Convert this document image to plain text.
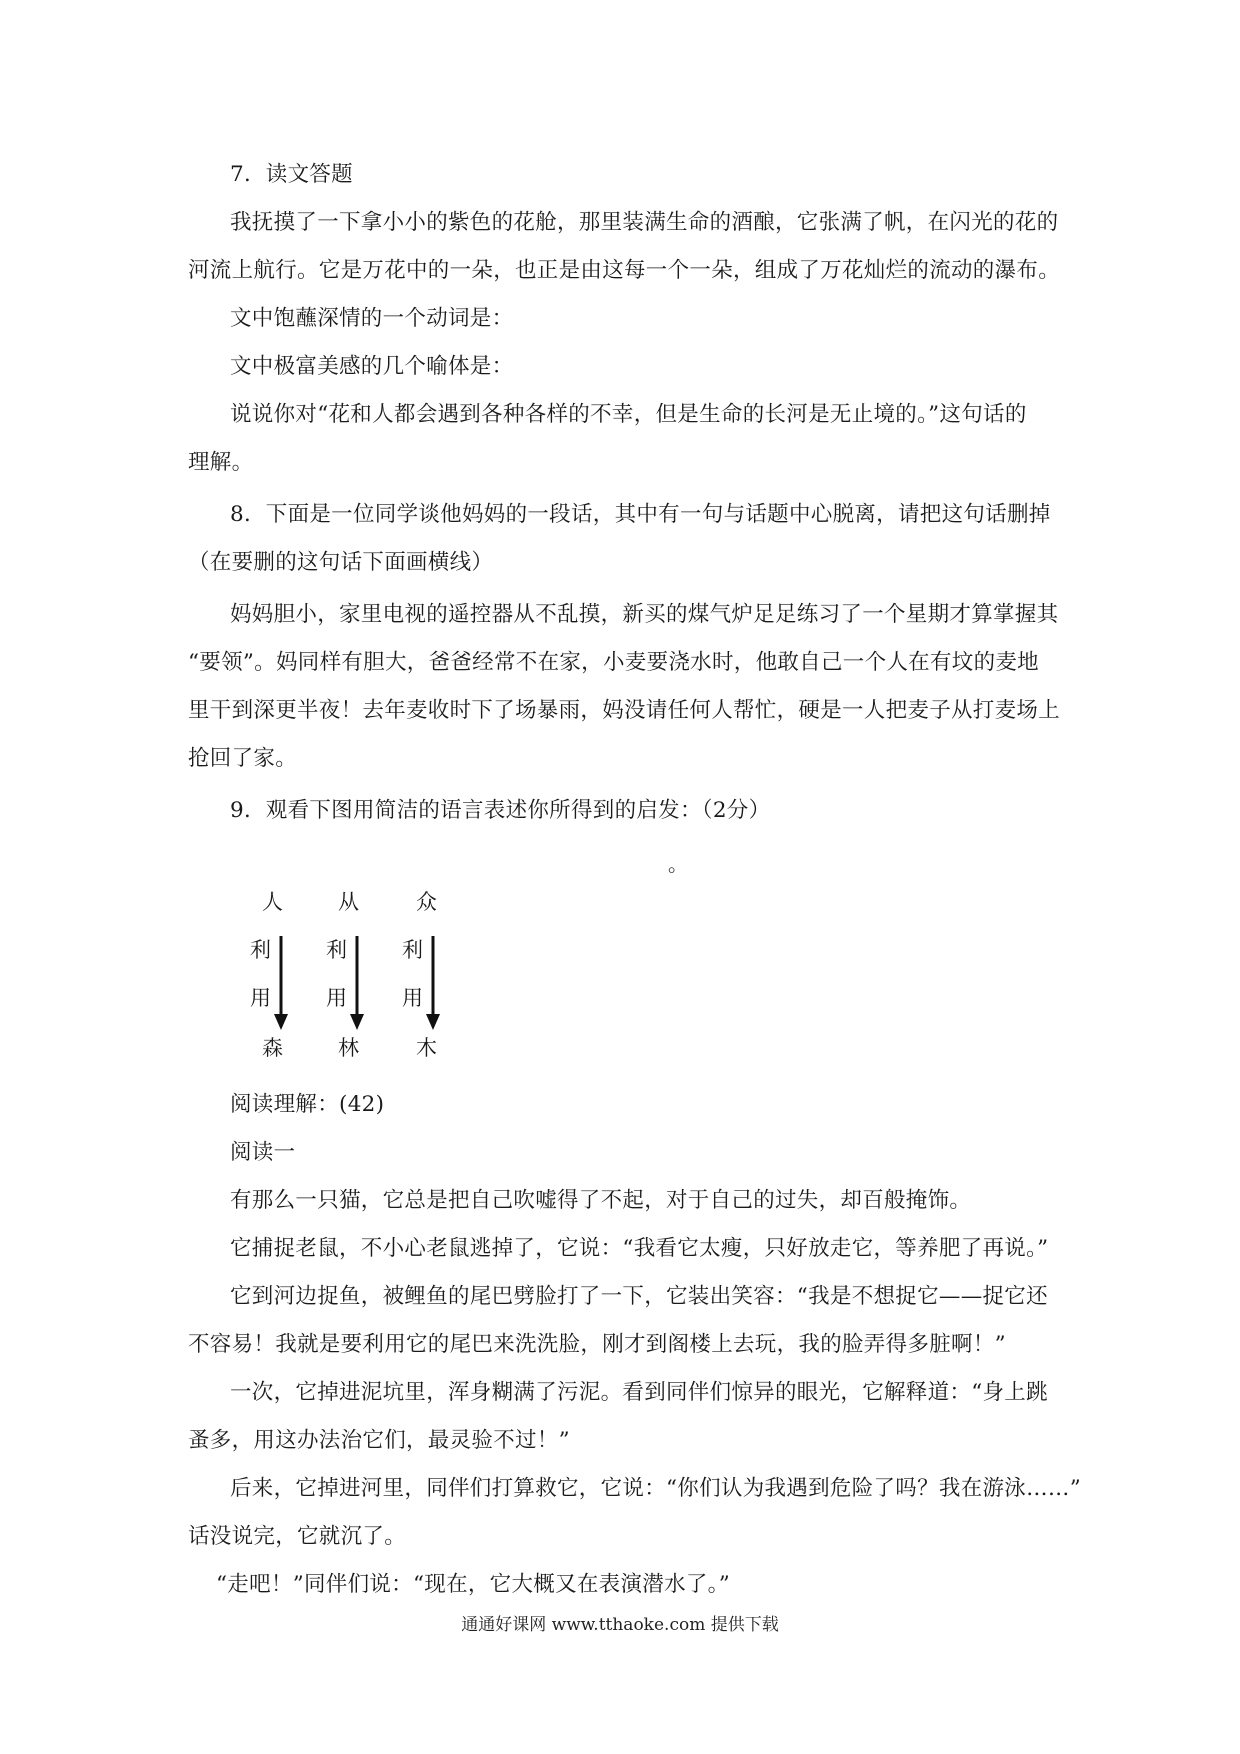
7．读文答题
我抚摸了一下拿小小的紫色的花舱，那里装满生命的酒酿，它张满了帆，在闪光的花的
河流上航行。它是万花中的一朵，也正是由这每一个一朵，组成了万花灿烂的流动的瀑布。
文中饱蘸深情的一个动词是：
文中极富美感的几个喻体是：
说说你对“花和人都会遇到各种各样的不幸，但是生命的长河是无止境的。”这句话的
理解。
8．下面是一位同学谈他妈妈的一段话，其中有一句与话题中心脱离，请把这句话删掉
（在要删的这句话下面画横线）
妈妈胆小，家里电视的遥控器从不乱摸，新买的煤气炉足足练习了一个星期才算掌握其
“要领”。妈同样有胆大，爸爸经常不在家，小麦要浇水时，他敢自己一个人在有坟的麦地
里干到深更半夜！去年麦收时下了场暴雨，妈没请任何人帮忙，硬是一人把麦子从打麦场上
抢回了家。
9．观看下图用简洁的语言表述你所得到的启发：（2分）
。
人
利
用
森
从
利
用
林
众
利
用
木
阅读理解：(42)
阅读一
有那么一只猫，它总是把自己吹嘘得了不起，对于自己的过失，却百般掩饰。
它捕捉老鼠，不小心老鼠逃掉了，它说：“我看它太瘦，只好放走它，等养肥了再说。”
它到河边捉鱼，被鲤鱼的尾巴劈脸打了一下，它装出笑容：“我是不想捉它——捉它还
不容易！我就是要利用它的尾巴来洗洗脸，刚才到阁楼上去玩，我的脸弄得多脏啊！”
一次，它掉进泥坑里，浑身糊满了污泥。看到同伴们惊异的眼光，它解释道：“身上跳
蚤多，用这办法治它们，最灵验不过！”
后来，它掉进河里，同伴们打算救它，它说：“你们认为我遇到危险了吗？我在游泳……”
话没说完，它就沉了。
“走吧！”同伴们说：“现在，它大概又在表演潜水了。”
通通好课网 www.tthaoke.com 提供下载
